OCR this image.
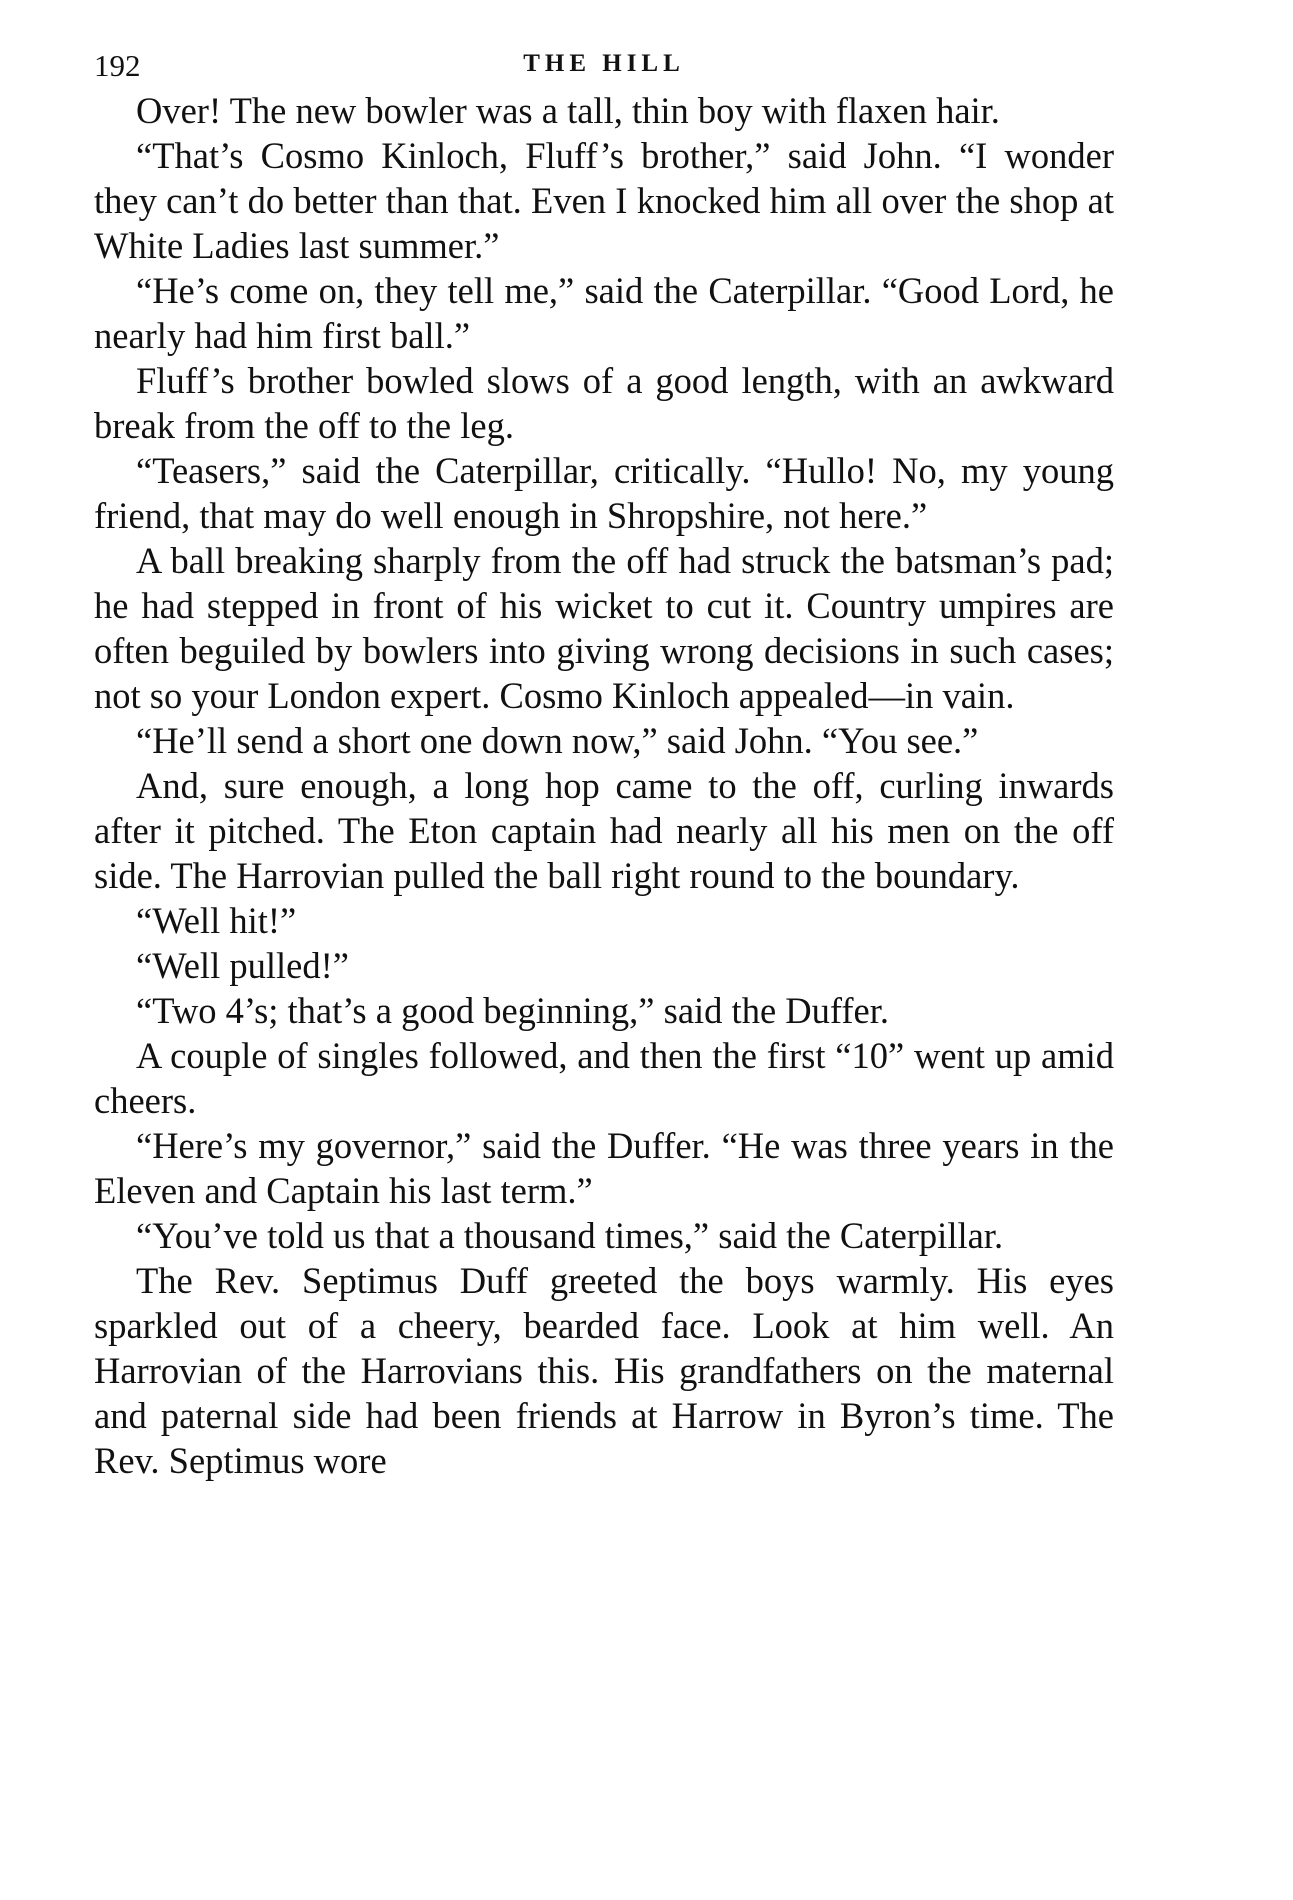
192	THE HILL

Over! The new bowler was a tall, thin boy with flaxen hair.

“That’s Cosmo Kinloch, Fluff’s brother,” said John. “I wonder they can’t do better than that. Even I knocked him all over the shop at White Ladies last summer.”

“He’s come on, they tell me,” said the Caterpillar. “Good Lord, he nearly had him first ball.”

Fluff’s brother bowled slows of a good length, with an awkward break from the off to the leg.

“Teasers,” said the Caterpillar, critically. “Hullo! No, my young friend, that may do well enough in Shropshire, not here.”

A ball breaking sharply from the off had struck the batsman’s pad; he had stepped in front of his wicket to cut it. Country umpires are often beguiled by bowlers into giving wrong decisions in such cases; not so your London expert. Cosmo Kinloch appealed—in vain.

“He’ll send a short one down now,” said John. “You see.”

And, sure enough, a long hop came to the off, curling inwards after it pitched. The Eton captain had nearly all his men on the off side. The Harrovian pulled the ball right round to the boundary.

“Well hit!”

“Well pulled!”

“Two 4’s; that’s a good beginning,” said the Duffer.

A couple of singles followed, and then the first “10” went up amid cheers.

“Here’s my governor,” said the Duffer. “He was three years in the Eleven and Captain his last term.”

“You’ve told us that a thousand times,” said the Caterpillar.

The Rev. Septimus Duff greeted the boys warmly. His eyes sparkled out of a cheery, bearded face. Look at him well. An Harrovian of the Harrovians this. His grandfathers on the maternal and paternal side had been friends at Harrow in Byron’s time. The Rev. Septimus wore
